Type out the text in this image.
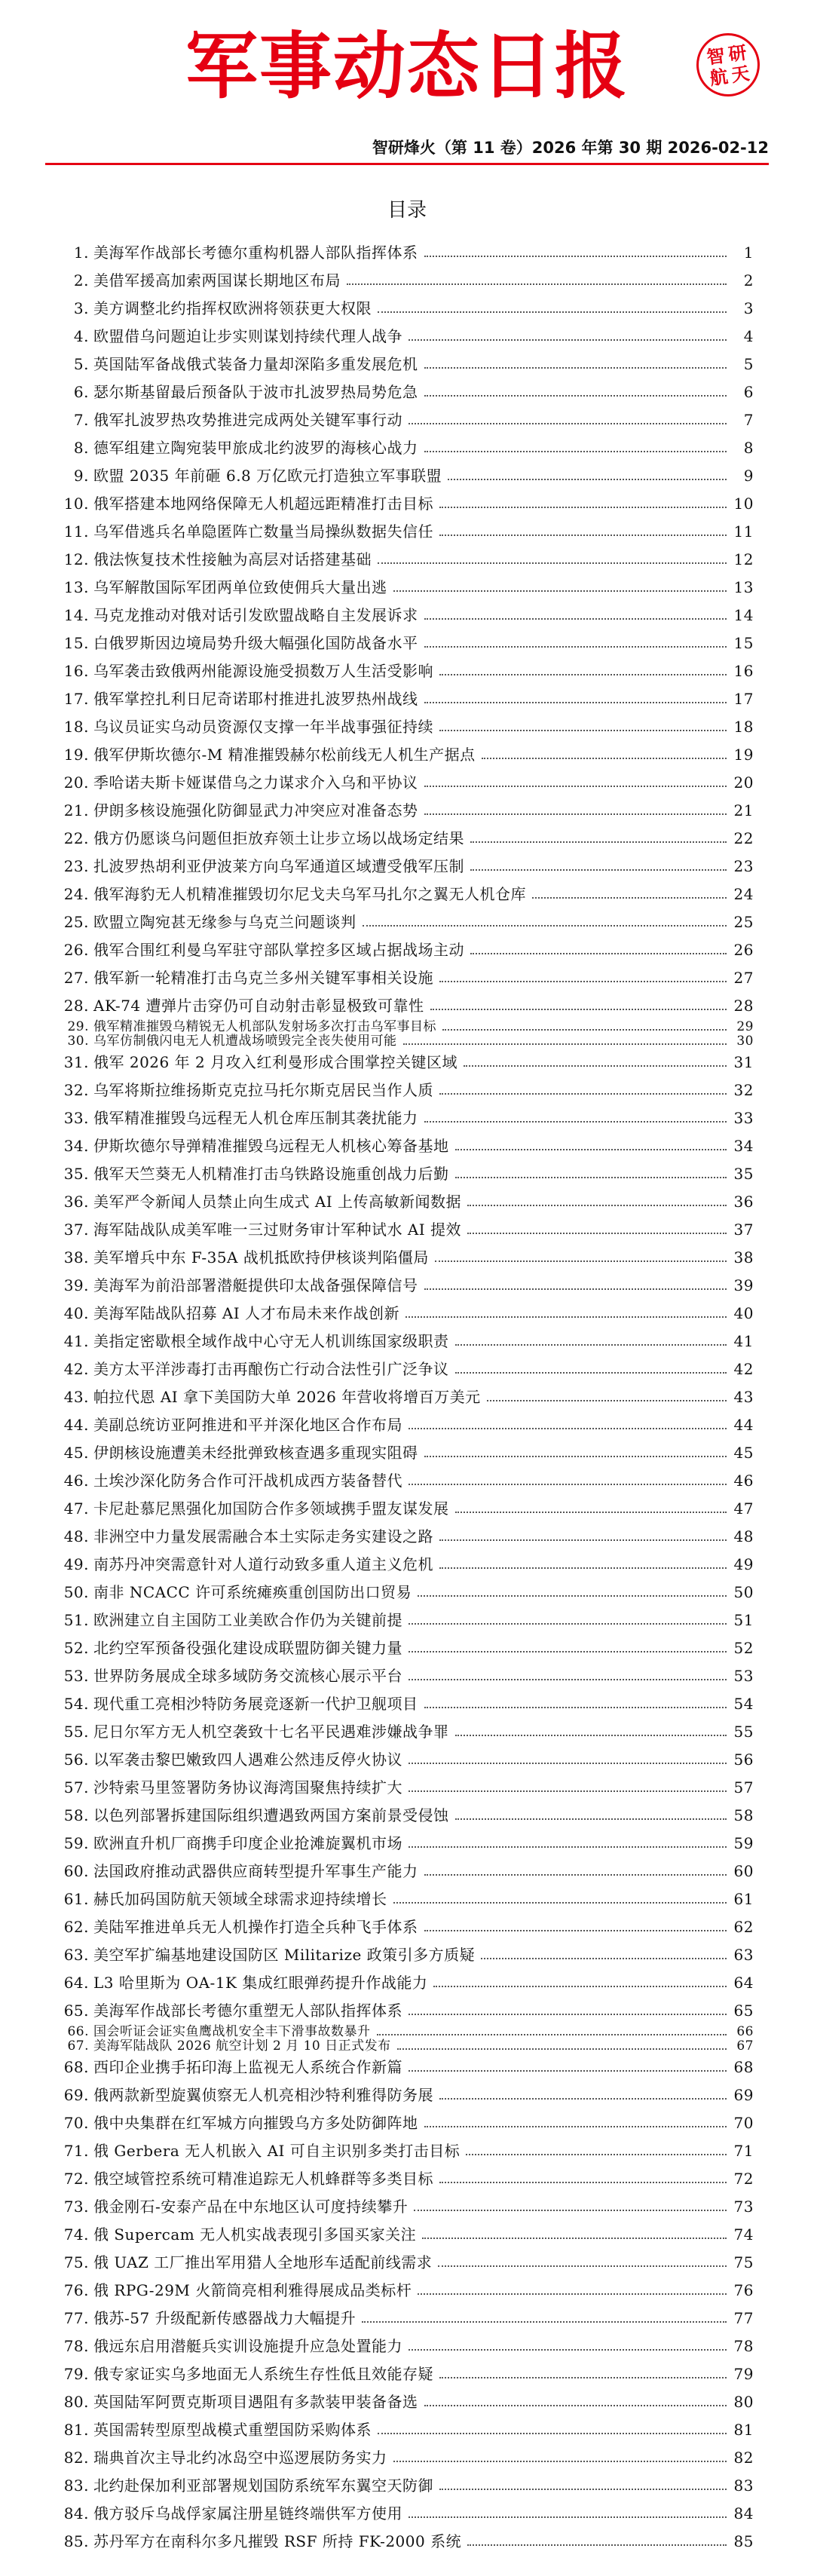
军事动态日报	智 研
航 天
智研烽火（第 11 卷）2026 年第 30 期 2026-02-12
目录
1. 美海军作战部长考德尔重构机器人部队指挥体系	1
2. 美借军援高加索两国谋长期地区布局	2
3. 美方调整北约指挥权欧洲将领获更大权限	3
4. 欧盟借乌问题迫让步实则谋划持续代理人战争	4
5. 英国陆军备战俄式装备力量却深陷多重发展危机	5
6. 瑟尔斯基留最后预备队于波市扎波罗热局势危急	6
7. 俄军扎波罗热攻势推进完成两处关键军事行动	7
8. 德军组建立陶宛装甲旅成北约波罗的海核心战力	8
9. 欧盟 2035 年前砸 6.8 万亿欧元打造独立军事联盟	9
10. 俄军搭建本地网络保障无人机超远距精准打击目标	10
11. 乌军借逃兵名单隐匿阵亡数量当局操纵数据失信任	11
12. 俄法恢复技术性接触为高层对话搭建基础	12
13. 乌军解散国际军团两单位致使佣兵大量出逃	13
14. 马克龙推动对俄对话引发欧盟战略自主发展诉求	14
15. 白俄罗斯因边境局势升级大幅强化国防战备水平	15
16. 乌军袭击致俄两州能源设施受损数万人生活受影响	16
17. 俄军掌控扎利日尼奇诺耶村推进扎波罗热州战线	17
18. 乌议员证实乌动员资源仅支撑一年半战事强征持续	18
19. 俄军伊斯坎德尔-M 精准摧毁赫尔松前线无人机生产据点	19
20. 季哈诺夫斯卡娅谋借乌之力谋求介入乌和平协议	20
21. 伊朗多核设施强化防御显武力冲突应对准备态势	21
22. 俄方仍愿谈乌问题但拒放弃领土让步立场以战场定结果	22
23. 扎波罗热胡利亚伊波莱方向乌军通道区域遭受俄军压制	23
24. 俄军海豹无人机精准摧毁切尔尼戈夫乌军马扎尔之翼无人机仓库	24
25. 欧盟立陶宛甚无缘参与乌克兰问题谈判	25
26. 俄军合围红利曼乌军驻守部队掌控多区域占据战场主动	26
27. 俄军新一轮精准打击乌克兰多州关键军事相关设施	27
28. AK-74 遭弹片击穿仍可自动射击彰显极致可靠性	28
29. 俄军精准摧毁乌精锐无人机部队发射场多次打击乌军事目标	29
30. 乌军仿制俄闪电无人机遭战场喷毁完全丧失使用可能	30
31. 俄军 2026 年 2 月攻入红利曼形成合围掌控关键区域	31
32. 乌军将斯拉维扬斯克克拉马托尔斯克居民当作人质	32
33. 俄军精准摧毁乌远程无人机仓库压制其袭扰能力	33
34. 伊斯坎德尔导弹精准摧毁乌远程无人机核心筹备基地	34
35. 俄军天竺葵无人机精准打击乌铁路设施重创战力后勤	35
36. 美军严令新闻人员禁止向生成式 AI 上传高敏新闻数据	36
37. 海军陆战队成美军唯一三过财务审计军种试水 AI 提效	37
38. 美军增兵中东 F-35A 战机抵欧持伊核谈判陷僵局	38
39. 美海军为前沿部署潜艇提供印太战备强保障信号	39
40. 美海军陆战队招募 AI 人才布局未来作战创新	40
41. 美指定密歇根全域作战中心守无人机训练国家级职责	41
42. 美方太平洋涉毒打击再酿伤亡行动合法性引广泛争议	42
43. 帕拉代恩 AI 拿下美国防大单 2026 年营收将增百万美元	43
44. 美副总统访亚阿推进和平并深化地区合作布局	44
45. 伊朗核设施遭美未经批弹致核查遇多重现实阻碍	45
46. 土埃沙深化防务合作可汗战机成西方装备替代	46
47. 卡尼赴慕尼黑强化加国防合作多领域携手盟友谋发展	47
48. 非洲空中力量发展需融合本土实际走务实建设之路	48
49. 南苏丹冲突需意针对人道行动致多重人道主义危机	49
50. 南非 NCACC 许可系统瘫痪重创国防出口贸易	50
51. 欧洲建立自主国防工业美欧合作仍为关键前提	51
52. 北约空军预备役强化建设成联盟防御关键力量	52
53. 世界防务展成全球多域防务交流核心展示平台	53
54. 现代重工亮相沙特防务展竞逐新一代护卫舰项目	54
55. 尼日尔军方无人机空袭致十七名平民遇难涉嫌战争罪	55
56. 以军袭击黎巴嫩致四人遇难公然违反停火协议	56
57. 沙特索马里签署防务协议海湾国聚焦持续扩大	57
58. 以色列部署拆建国际组织遭遇致两国方案前景受侵蚀	58
59. 欧洲直升机厂商携手印度企业抢滩旋翼机市场	59
60. 法国政府推动武器供应商转型提升军事生产能力	60
61. 赫氏加码国防航天领域全球需求迎持续增长	61
62. 美陆军推进单兵无人机操作打造全兵种飞手体系	62
63. 美空军扩编基地建设国防区 Militarize 政策引多方质疑	63
64. L3 哈里斯为 OA-1K 集成红眼弹药提升作战能力	64
65. 美海军作战部长考德尔重塑无人部队指挥体系	65
66. 国会听证会证实鱼鹰战机安全丰下滑事故数暴升	66
67. 美海军陆战队 2026 航空计划 2 月 10 日正式发布	67
68. 西印企业携手拓印海上监视无人系统合作新篇	68
69. 俄两款新型旋翼侦察无人机亮相沙特利雅得防务展	69
70. 俄中央集群在红军城方向摧毁乌方多处防御阵地	70
71. 俄 Gerbera 无人机嵌入 AI 可自主识别多类打击目标	71
72. 俄空域管控系统可精准追踪无人机蜂群等多类目标	72
73. 俄金刚石-安泰产品在中东地区认可度持续攀升	73
74. 俄 Supercam 无人机实战表现引多国买家关注	74
75. 俄 UAZ 工厂推出军用猎人全地形车适配前线需求	75
76. 俄 RPG-29M 火箭筒亮相利雅得展成品类标杆	76
77. 俄苏-57 升级配新传感器战力大幅提升	77
78. 俄远东启用潜艇兵实训设施提升应急处置能力	78
79. 俄专家证实乌多地面无人系统生存性低且效能存疑	79
80. 英国陆军阿贾克斯项目遇阻有多款装甲装备备选	80
81. 英国需转型原型战模式重塑国防采购体系	81
82. 瑞典首次主导北约冰岛空中巡逻展防务实力	82
83. 北约赴保加利亚部署规划国防系统军东翼空天防御	83
84. 俄方驳斥乌战俘家属注册星链终端供军方使用	84
85. 苏丹军方在南科尔多凡摧毁 RSF 所持 FK-2000 系统	85
